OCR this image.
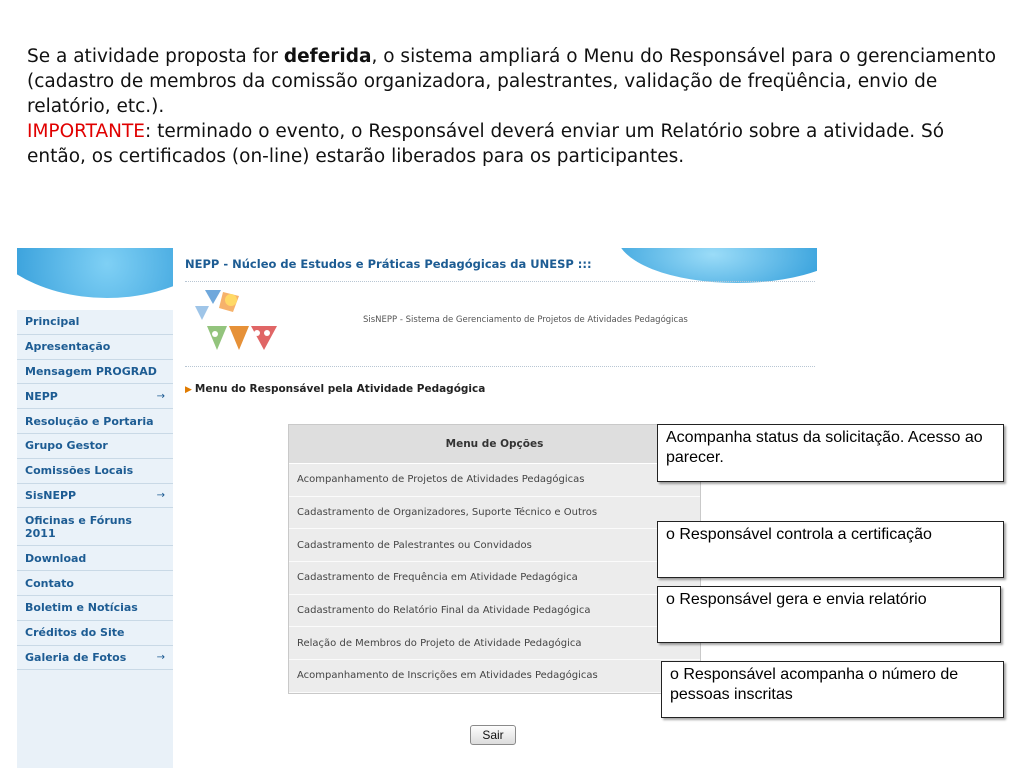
Se a atividade proposta for deferida, o sistema ampliará o Menu do Responsável para o gerenciamento (cadastro de membros da comissão organizadora, palestrantes, validação de freqüência, envio de relatório, etc.).
IMPORTANTE: terminado o evento, o Responsável deverá enviar um Relatório sobre a atividade. Só então, os certificados (on-line) estarão liberados para os participantes.
Principal
Apresentação
Mensagem PROGRAD
NEPP	→
Resolução e Portaria
Grupo Gestor
Comissões Locais
SisNEPP	→
Oficinas e Fóruns 2011
Download
Contato
Boletim e Notícias
Créditos do Site
Galeria de Fotos	→
NEPP - Núcleo de Estudos e Práticas Pedagógicas da UNESP :::
SisNEPP - Sistema de Gerenciamento de Projetos de Atividades Pedagógicas
▶ Menu do Responsável pela Atividade Pedagógica
Menu de Opções
Acompanhamento de Projetos de Atividades Pedagógicas
Cadastramento de Organizadores, Suporte Técnico e Outros
Cadastramento de Palestrantes ou Convidados
Cadastramento de Frequência em Atividade Pedagógica
Cadastramento do Relatório Final da Atividade Pedagógica
Relação de Membros do Projeto de Atividade Pedagógica
Acompanhamento de Inscrições em Atividades Pedagógicas
Sair
Acompanha status da solicitação. Acesso ao parecer.
o Responsável controla a certificação
o Responsável gera e envia relatório
o Responsável acompanha o número de pessoas inscritas
